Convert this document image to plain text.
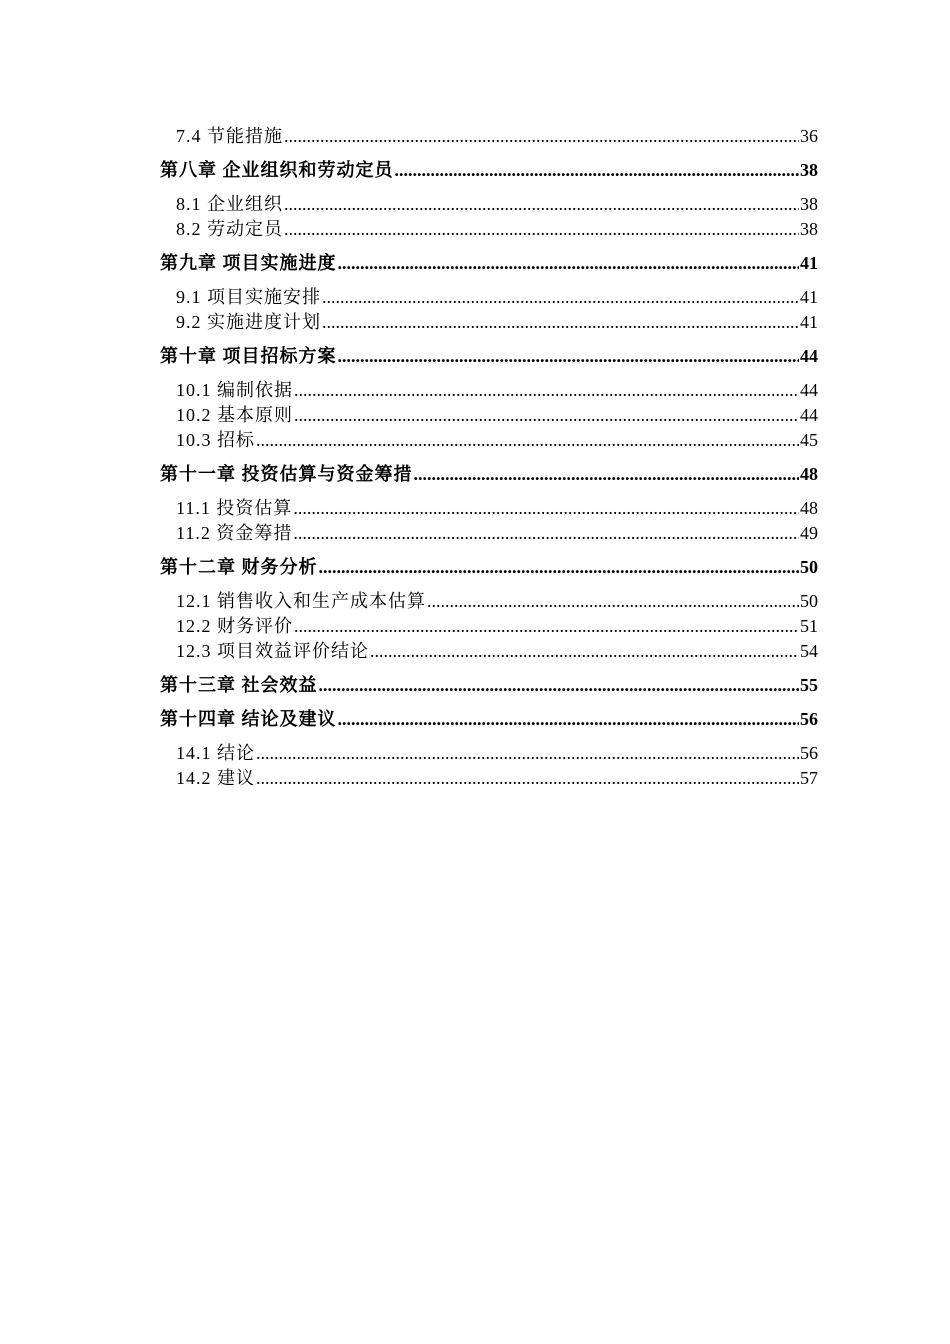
7.4 节能措施 .....	36
第八章 企业组织和劳动定员 .....	38
8.1 企业组织 .....	38
8.2 劳动定员 .....	38
第九章 项目实施进度 .....	41
9.1 项目实施安排 .....	41
9.2 实施进度计划 .....	41
第十章 项目招标方案 .....	44
10.1 编制依据 .....	44
10.2 基本原则 .....	44
10.3 招标 .....	45
第十一章 投资估算与资金筹措 .....	48
11.1 投资估算 .....	48
11.2 资金筹措 .....	49
第十二章 财务分析 .....	50
12.1 销售收入和生产成本估算 .....	50
12.2 财务评价 .....	51
12.3 项目效益评价结论 .....	54
第十三章 社会效益 .....	55
第十四章 结论及建议 .....	56
14.1 结论 .....	56
14.2 建议 .....	57
